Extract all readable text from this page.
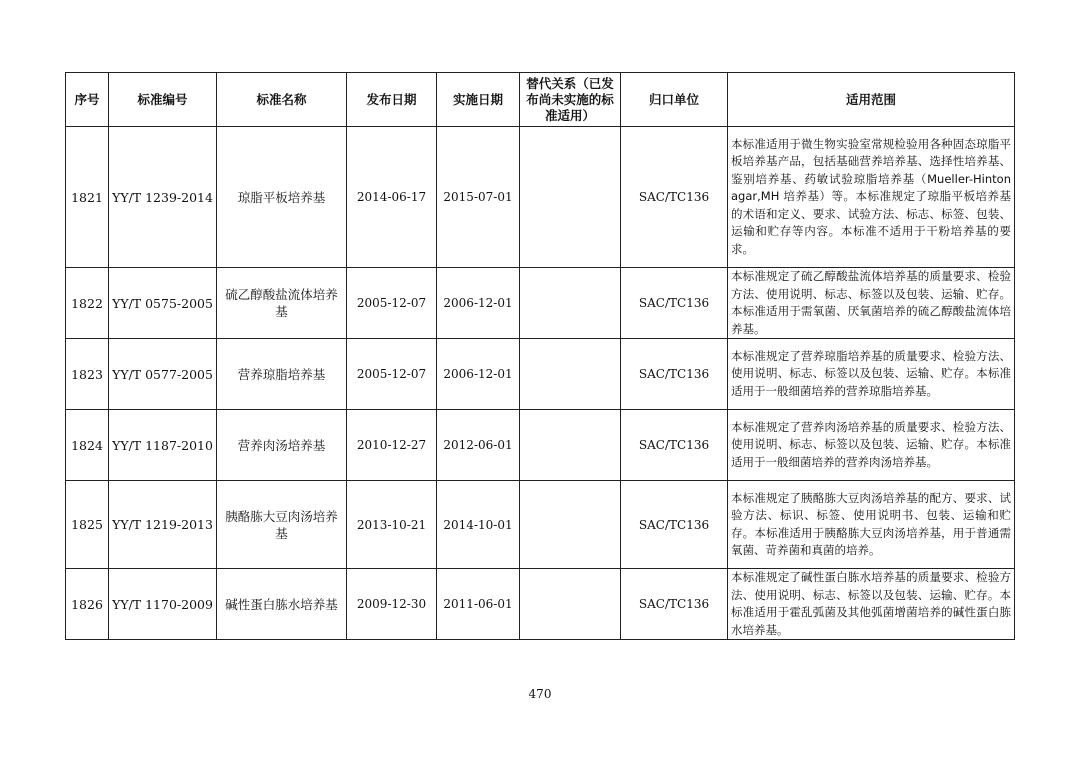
序号	标准编号	标准名称	发布日期	实施日期	替代关系（已发布尚未实施的标准适用）	归口单位	适用范围
1821	YY/T 1239-2014	琼脂平板培养基	2014-06-17	2015-07-01		SAC/TC136	本标准适用于微生物实验室常规检验用各种固态琼脂平板培养基产品，包括基础营养培养基、选择性培养基、鉴别培养基、药敏试验琼脂培养基（Mueller-Hinton agar,MH 培养基）等。本标准规定了琼脂平板培养基的术语和定义、要求、试验方法、标志、标签、包装、运输和贮存等内容。本标准不适用于干粉培养基的要求。
1822	YY/T 0575-2005	硫乙醇酸盐流体培养基	2005-12-07	2006-12-01		SAC/TC136	本标准规定了硫乙醇酸盐流体培养基的质量要求、检验方法、使用说明、标志、标签以及包装、运输、贮存。本标准适用于需氧菌、厌氧菌培养的硫乙醇酸盐流体培养基。
1823	YY/T 0577-2005	营养琼脂培养基	2005-12-07	2006-12-01		SAC/TC136	本标准规定了营养琼脂培养基的质量要求、检验方法、使用说明、标志、标签以及包装、运输、贮存。本标准适用于一般细菌培养的营养琼脂培养基。
1824	YY/T 1187-2010	营养肉汤培养基	2010-12-27	2012-06-01		SAC/TC136	本标准规定了营养肉汤培养基的质量要求、检验方法、使用说明、标志、标签以及包装、运输、贮存。本标准适用于一般细菌培养的营养肉汤培养基。
1825	YY/T 1219-2013	胰酪胨大豆肉汤培养基	2013-10-21	2014-10-01		SAC/TC136	本标准规定了胰酪胨大豆肉汤培养基的配方、要求、试验方法、标识、标签、使用说明书、包装、运输和贮存。本标准适用于胰酪胨大豆肉汤培养基，用于普通需氧菌、苛养菌和真菌的培养。
1826	YY/T 1170-2009	碱性蛋白胨水培养基	2009-12-30	2011-06-01		SAC/TC136	本标准规定了碱性蛋白胨水培养基的质量要求、检验方法、使用说明、标志、标签以及包装、运输、贮存。本标准适用于霍乱弧菌及其他弧菌增菌培养的碱性蛋白胨水培养基。
470
